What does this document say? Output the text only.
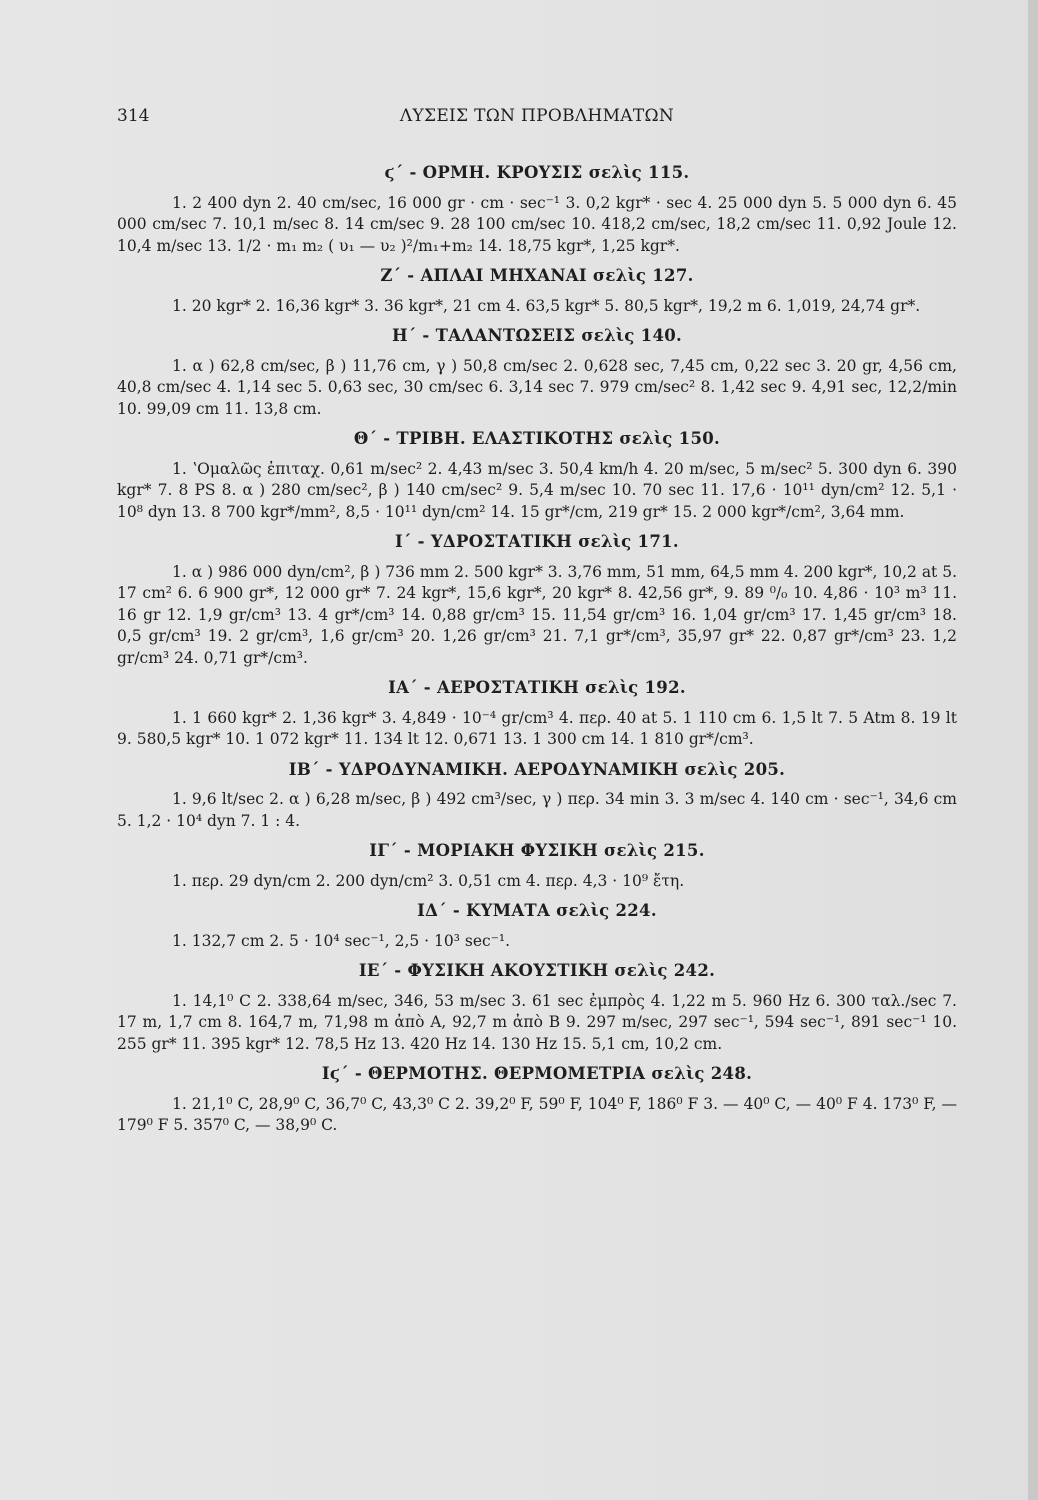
314	ΛΥΣΕΙΣ ΤΩΝ ΠΡΟΒΛΗΜΑΤΩΝ
ϛ΄ - ΟΡΜΗ. ΚΡΟΥΣΙΣ σελὶς 115.

1. 2 400 dyn 2. 40 cm/sec, 16 000 gr · cm · sec⁻¹ 3. 0,2 kgr* · sec 4. 25 000 dyn 5. 5 000 dyn 6. 45 000 cm/sec 7. 10,1 m/sec 8. 14 cm/sec 9. 28 100 cm/sec 10. 418,2 cm/sec, 18,2 cm/sec 11. 0,92 Joule 12. 10,4 m/sec 13. 1/2 · m₁ m₂ ( υ₁ — υ₂ )²/m₁+m₂ 14. 18,75 kgr*, 1,25 kgr*.

Ζ΄ - ΑΠΛΑΙ ΜΗΧΑΝΑΙ σελὶς 127.

1. 20 kgr* 2. 16,36 kgr* 3. 36 kgr*, 21 cm 4. 63,5 kgr* 5. 80,5 kgr*, 19,2 m 6. 1,019, 24,74 gr*.

Η΄ - ΤΑΛΑΝΤΩΣΕΙΣ σελὶς 140.

1. α ) 62,8 cm/sec, β ) 11,76 cm, γ ) 50,8 cm/sec 2. 0,628 sec, 7,45 cm, 0,22 sec 3. 20 gr, 4,56 cm, 40,8 cm/sec 4. 1,14 sec 5. 0,63 sec, 30 cm/sec 6. 3,14 sec 7. 979 cm/sec² 8. 1,42 sec 9. 4,91 sec, 12,2/min 10. 99,09 cm 11. 13,8 cm.

Θ΄ - ΤΡΙΒΗ. ΕΛΑΣΤΙΚΟΤΗΣ σελὶς 150.

1. ʽΟμαλῶς ἐπιταχ. 0,61 m/sec² 2. 4,43 m/sec 3. 50,4 km/h 4. 20 m/sec, 5 m/sec² 5. 300 dyn 6. 390 kgr* 7. 8 PS 8. α ) 280 cm/sec², β ) 140 cm/sec² 9. 5,4 m/sec 10. 70 sec 11. 17,6 · 10¹¹ dyn/cm² 12. 5,1 · 10⁸ dyn 13. 8 700 kgr*/mm², 8,5 · 10¹¹ dyn/cm² 14. 15 gr*/cm, 219 gr* 15. 2 000 kgr*/cm², 3,64 mm.

Ι΄ - ΥΔΡΟΣΤΑΤΙΚΗ σελὶς 171.

1. α ) 986 000 dyn/cm², β ) 736 mm 2. 500 kgr* 3. 3,76 mm, 51 mm, 64,5 mm 4. 200 kgr*, 10,2 at 5. 17 cm² 6. 6 900 gr*, 12 000 gr* 7. 24 kgr*, 15,6 kgr*, 20 kgr* 8. 42,56 gr*, 9. 89 ⁰/₀ 10. 4,86 · 10³ m³ 11. 16 gr 12. 1,9 gr/cm³ 13. 4 gr*/cm³ 14. 0,88 gr/cm³ 15. 11,54 gr/cm³ 16. 1,04 gr/cm³ 17. 1,45 gr/cm³ 18. 0,5 gr/cm³ 19. 2 gr/cm³, 1,6 gr/cm³ 20. 1,26 gr/cm³ 21. 7,1 gr*/cm³, 35,97 gr* 22. 0,87 gr*/cm³ 23. 1,2 gr/cm³ 24. 0,71 gr*/cm³.

ΙΑ΄ - ΑΕΡΟΣΤΑΤΙΚΗ σελὶς 192.

1. 1 660 kgr* 2. 1,36 kgr* 3. 4,849 · 10⁻⁴ gr/cm³ 4. περ. 40 at 5. 1 110 cm 6. 1,5 lt 7. 5 Atm 8. 19 lt 9. 580,5 kgr* 10. 1 072 kgr* 11. 134 lt 12. 0,671 13. 1 300 cm 14. 1 810 gr*/cm³.

ΙΒ΄ - ΥΔΡΟΔΥΝΑΜΙΚΗ. ΑΕΡΟΔΥΝΑΜΙΚΗ σελὶς 205.

1. 9,6 lt/sec 2. α ) 6,28 m/sec, β ) 492 cm³/sec, γ ) περ. 34 min 3. 3 m/sec 4. 140 cm · sec⁻¹, 34,6 cm 5. 1,2 · 10⁴ dyn 7. 1 : 4.

ΙΓ΄ - ΜΟΡΙΑΚΗ ΦΥΣΙΚΗ σελὶς 215.

1. περ. 29 dyn/cm 2. 200 dyn/cm² 3. 0,51 cm 4. περ. 4,3 · 10⁹ ἔτη.

ΙΔ΄ - ΚΥΜΑΤΑ σελὶς 224.

1. 132,7 cm 2. 5 · 10⁴ sec⁻¹, 2,5 · 10³ sec⁻¹.

ΙΕ΄ - ΦΥΣΙΚΗ ΑΚΟΥΣΤΙΚΗ σελὶς 242.

1. 14,1⁰ C 2. 338,64 m/sec, 346, 53 m/sec 3. 61 sec ἐμπρὸς 4. 1,22 m 5. 960 Hz 6. 300 ταλ./sec 7. 17 m, 1,7 cm 8. 164,7 m, 71,98 m ἀπὸ Α, 92,7 m ἀπὸ Β 9. 297 m/sec, 297 sec⁻¹, 594 sec⁻¹, 891 sec⁻¹ 10. 255 gr* 11. 395 kgr* 12. 78,5 Hz 13. 420 Hz 14. 130 Hz 15. 5,1 cm, 10,2 cm.

Ιϛ΄ - ΘΕΡΜΟΤΗΣ. ΘΕΡΜΟΜΕΤΡΙΑ σελὶς 248.

1. 21,1⁰ C, 28,9⁰ C, 36,7⁰ C, 43,3⁰ C 2. 39,2⁰ F, 59⁰ F, 104⁰ F, 186⁰ F 3. — 40⁰ C, — 40⁰ F 4. 173⁰ F, — 179⁰ F 5. 357⁰ C, — 38,9⁰ C.
